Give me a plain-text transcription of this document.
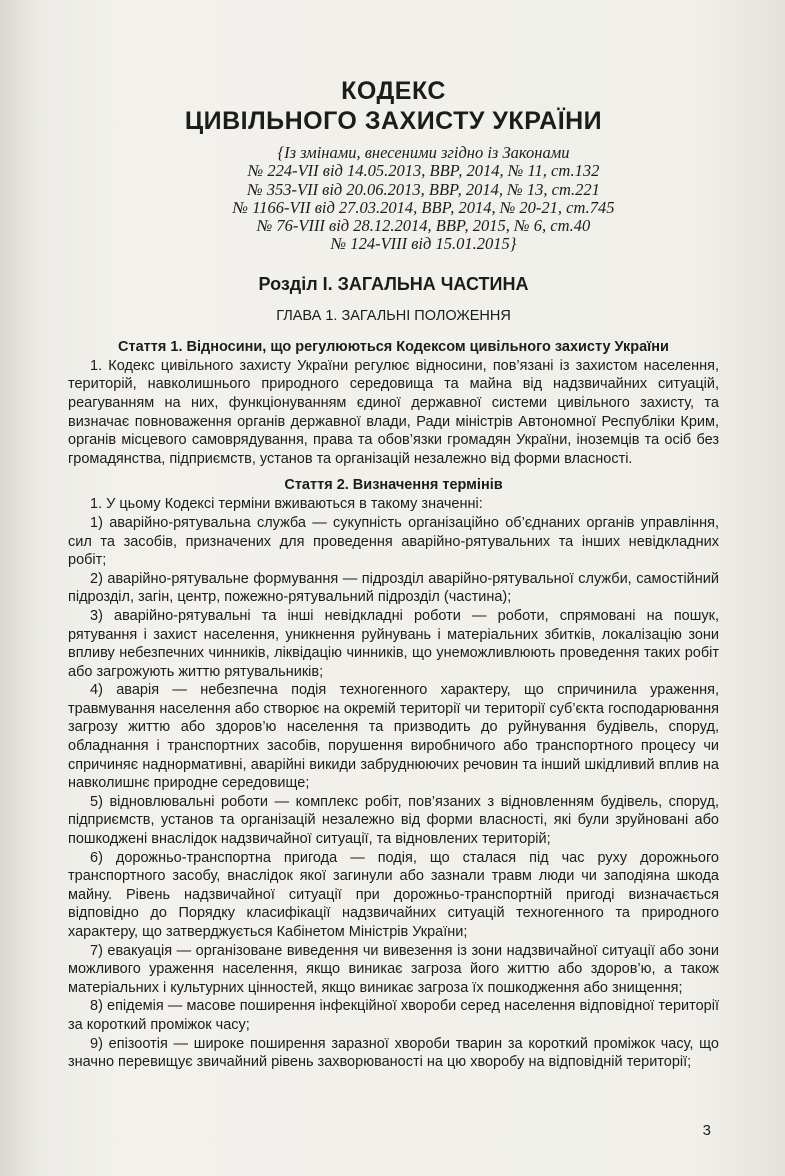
КОДЕКС
ЦИВІЛЬНОГО ЗАХИСТУ УКРАЇНИ
{Із змінами, внесеними згідно із Законами
№ 224-VII від 14.05.2013, ВВР, 2014, № 11, ст.132
№ 353-VII від 20.06.2013, ВВР, 2014, № 13, ст.221
№ 1166-VII від 27.03.2014, ВВР, 2014, № 20-21, ст.745
№ 76-VIII від 28.12.2014, ВВР, 2015, № 6, ст.40
№ 124-VIII від 15.01.2015}
Розділ І. ЗАГАЛЬНА ЧАСТИНА
ГЛАВА 1. ЗАГАЛЬНІ ПОЛОЖЕННЯ
Стаття 1. Відносини, що регулюються Кодексом цивільного захисту України

1. Кодекс цивільного захисту України регулює відносини, пов’язані із захистом населення, територій, навколишнього природного середовища та майна від надзвичайних ситуацій, реагуванням на них, функціонуванням єдиної державної системи цивільного захисту, та визначає повноваження органів державної влади, Ради міністрів Автономної Республіки Крим, органів місцевого самоврядування, права та обов’язки громадян України, іноземців та осіб без громадянства, підприємств, установ та організацій незалежно від форми власності.

Стаття 2. Визначення термінів

1. У цьому Кодексі терміни вживаються в такому значенні:

1) аварійно-рятувальна служба — сукупність організаційно об’єднаних органів управління, сил та засобів, призначених для проведення аварійно-рятувальних та інших невідкладних робіт;

2) аварійно-рятувальне формування — підрозділ аварійно-рятувальної служби, самостійний підрозділ, загін, центр, пожежно-рятувальний підрозділ (частина);

3) аварійно-рятувальні та інші невідкладні роботи — роботи, спрямовані на пошук, рятування і захист населення, уникнення руйнувань і матеріальних збитків, локалізацію зони впливу небезпечних чинників, ліквідацію чинників, що унеможливлюють проведення таких робіт або загрожують життю рятувальників;

4) аварія — небезпечна подія техногенного характеру, що спричинила ураження, травмування населення або створює на окремій території чи території суб’єкта господарювання загрозу життю або здоров’ю населення та призводить до руйнування будівель, споруд, обладнання і транспортних засобів, порушення виробничого або транспортного процесу чи спричиняє наднормативні, аварійні викиди забруднюючих речовин та інший шкідливий вплив на навколишнє природне середовище;

5) відновлювальні роботи — комплекс робіт, пов’язаних з відновленням будівель, споруд, підприємств, установ та організацій незалежно від форми власності, які були зруйновані або пошкоджені внаслідок надзвичайної ситуації, та відновлених територій;

6) дорожньо-транспортна пригода — подія, що сталася під час руху дорожнього транспортного засобу, внаслідок якої загинули або зазнали травм люди чи заподіяна шкода майну. Рівень надзвичайної ситуації при дорожньо-транспортній пригоді визначається відповідно до Порядку класифікації надзвичайних ситуацій техногенного та природного характеру, що затверджується Кабінетом Міністрів України;

7) евакуація — організоване виведення чи вивезення із зони надзвичайної ситуації або зони можливого ураження населення, якщо виникає загроза його життю або здоров’ю, а також матеріальних і культурних цінностей, якщо виникає загроза їх пошкодження або знищення;

8) епідемія — масове поширення інфекційної хвороби серед населення відповідної території за короткий проміжок часу;

9) епізоотія — широке поширення заразної хвороби тварин за короткий проміжок часу, що значно перевищує звичайний рівень захворюваності на цю хворобу на відповідній території;

3
